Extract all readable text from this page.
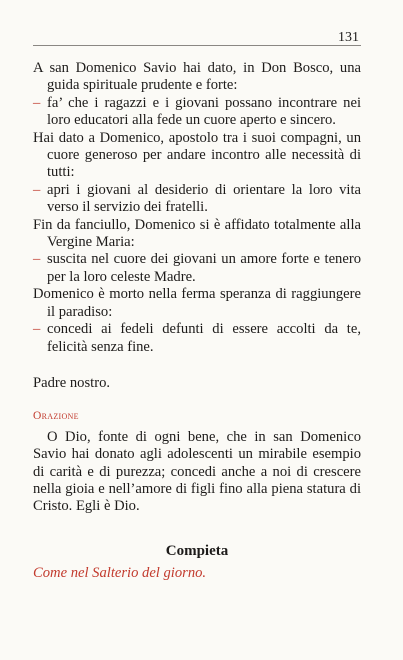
131

A san Domenico Savio hai dato, in Don Bosco, una guida spirituale prudente e forte:

– fa’ che i ragazzi e i giovani possano incontrare nei loro educatori alla fede un cuore aperto e sincero.

Hai dato a Domenico, apostolo tra i suoi compagni, un cuore generoso per andare incontro alle necessità di tutti:

– apri i giovani al desiderio di orientare la loro vita verso il servizio dei fratelli.

Fin da fanciullo, Domenico si è affidato totalmente alla Vergine Maria:

– suscita nel cuore dei giovani un amore forte e tenero per la loro celeste Madre.

Domenico è morto nella ferma speranza di raggiungere il paradiso:

– concedi ai fedeli defunti di essere accolti da te, felicità senza fine.

Padre nostro.

Orazione

O Dio, fonte di ogni bene, che in san Domenico Savio hai donato agli adolescenti un mirabile esempio di carità e di purezza; concedi anche a noi di crescere nella gioia e nell’amore di figli fino alla piena statura di Cristo. Egli è Dio.

Compieta

Come nel Salterio del giorno.
